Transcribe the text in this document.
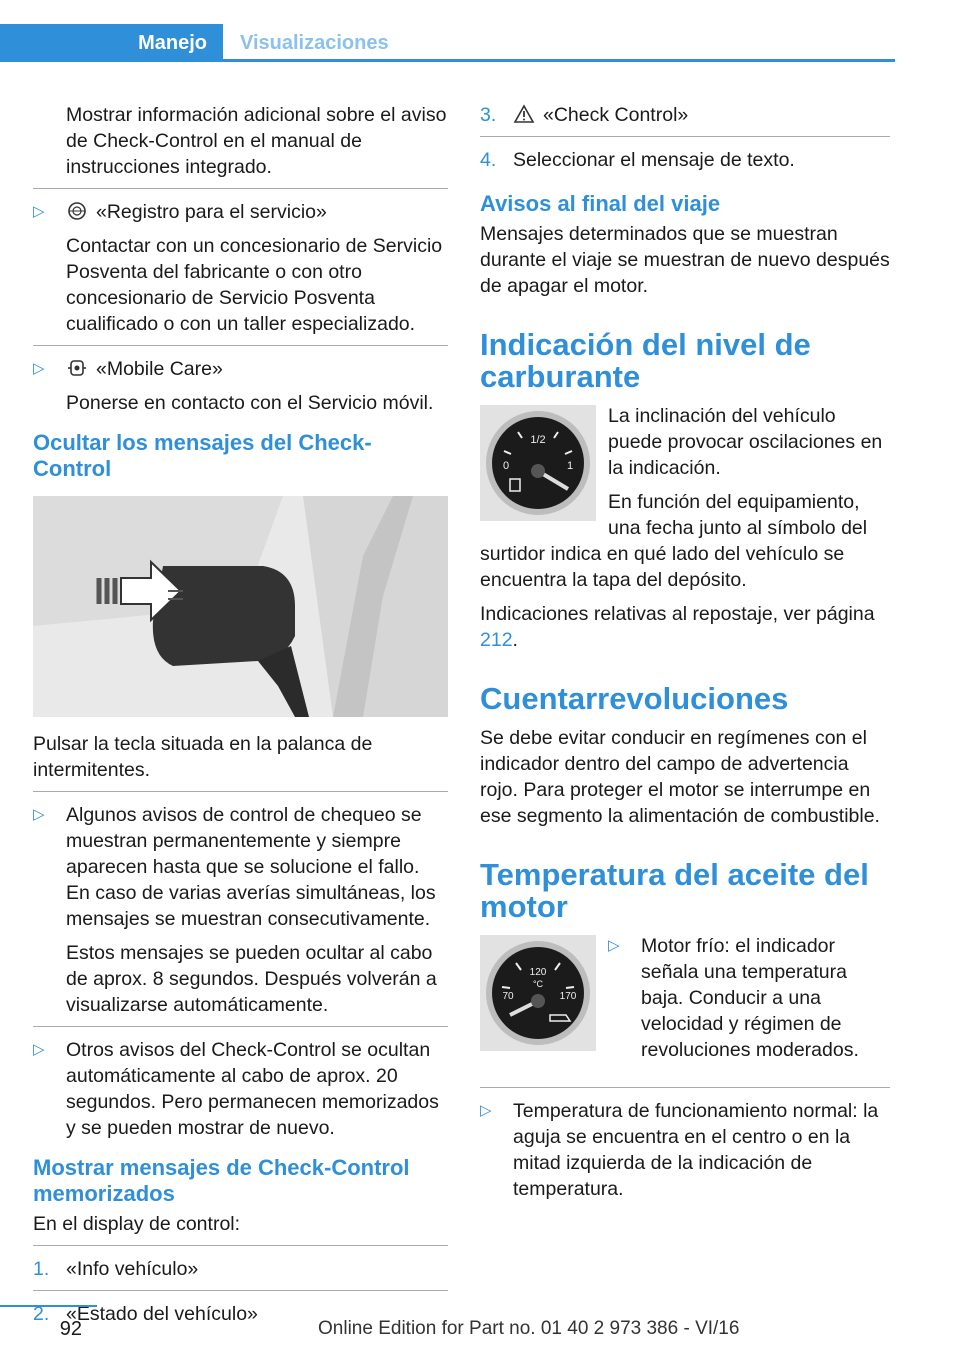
Manejo	Visualizaciones

Mostrar información adicional sobre el aviso de Check-Control en el manual de instrucciones integrado.

▷	«Registro para el servicio»

Contactar con un concesionario de Servicio Posventa del fabricante o con otro concesionario de Servicio Posventa cualificado o con un taller especializado.

▷	«Mobile Care»

Ponerse en contacto con el Servicio móvil.

Ocultar los mensajes del Check-Control

Pulsar la tecla situada en la palanca de intermitentes.

▷ Algunos avisos de control de chequeo se muestran permanentemente y siempre aparecen hasta que se solucione el fallo. En caso de varias averías simultáneas, los mensajes se muestran consecutivamente.

Estos mensajes se pueden ocultar al cabo de aprox. 8 segundos. Después volverán a visualizarse automáticamente.

▷ Otros avisos del Check-Control se ocultan automáticamente al cabo de aprox. 20 segundos. Pero permanecen memorizados y se pueden mostrar de nuevo.

Mostrar mensajes de Check-Control memorizados

En el display de control:

1. «Info vehículo»
2. «Estado del vehículo»
3. «Check Control»
4. Seleccionar el mensaje de texto.
Avisos al final del viaje

Mensajes determinados que se muestran durante el viaje se muestran de nuevo después de apagar el motor.

Indicación del nivel de carburante
1/2
0	1

La inclinación del vehículo puede provocar oscilaciones en la indicación.

En función del equipamiento, una fecha junto al símbolo del surtidor indica en qué lado del vehículo se encuentra la tapa del depósito.

Indicaciones relativas al repostaje, ver página 212.

Cuentarrevoluciones

Se debe evitar conducir en regímenes con el indicador dentro del campo de advertencia rojo. Para proteger el motor se interrumpe en ese segmento la alimentación de combustible.

Temperatura del aceite del motor
120
°C
70	170
▷ Motor frío: el indicador señala una temperatura baja. Conducir a una velocidad y régimen de revoluciones moderados.

▷ Temperatura de funcionamiento normal: la aguja se encuentra en el centro o en la mitad izquierda de la indicación de temperatura.

92	Online Edition for Part no. 01 40 2 973 386 - VI/16
